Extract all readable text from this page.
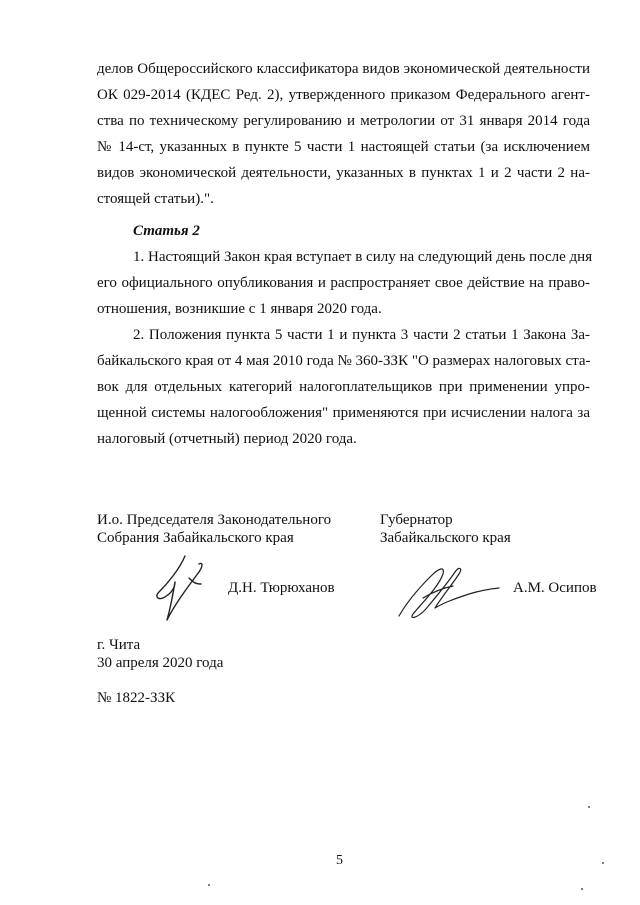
делов Общероссийского классификатора видов экономической деятельности
ОК 029-2014 (КДЕС Ред. 2), утвержденного приказом Федерального агент-
ства по техническому регулированию и метрологии от 31 января 2014 года
№ 14-ст, указанных в пункте 5 части 1 настоящей статьи (за исключением
видов экономической деятельности, указанных в пунктах 1 и 2 части 2 на-
стоящей статьи).".
Статья 2
1. Настоящий Закон края вступает в силу на следующий день после дня
его официального опубликования и распространяет свое действие на право-
отношения, возникшие с 1 января 2020 года.
2. Положения пункта 5 части 1 и пункта 3 части 2 статьи 1 Закона За-
байкальского края от 4 мая 2010 года № 360-ЗЗК "О размерах налоговых ста-
вок для отдельных категорий налогоплательщиков при применении упро-
щенной системы налогообложения" применяются при исчислении налога за
налоговый (отчетный) период 2020 года.
И.о. Председателя Законодательного
Собрания Забайкальского края
Д.Н. Тюрюханов
Губернатор
Забайкальского края
А.М. Осипов
г. Чита
30 апреля 2020 года
№ 1822-ЗЗК
5
